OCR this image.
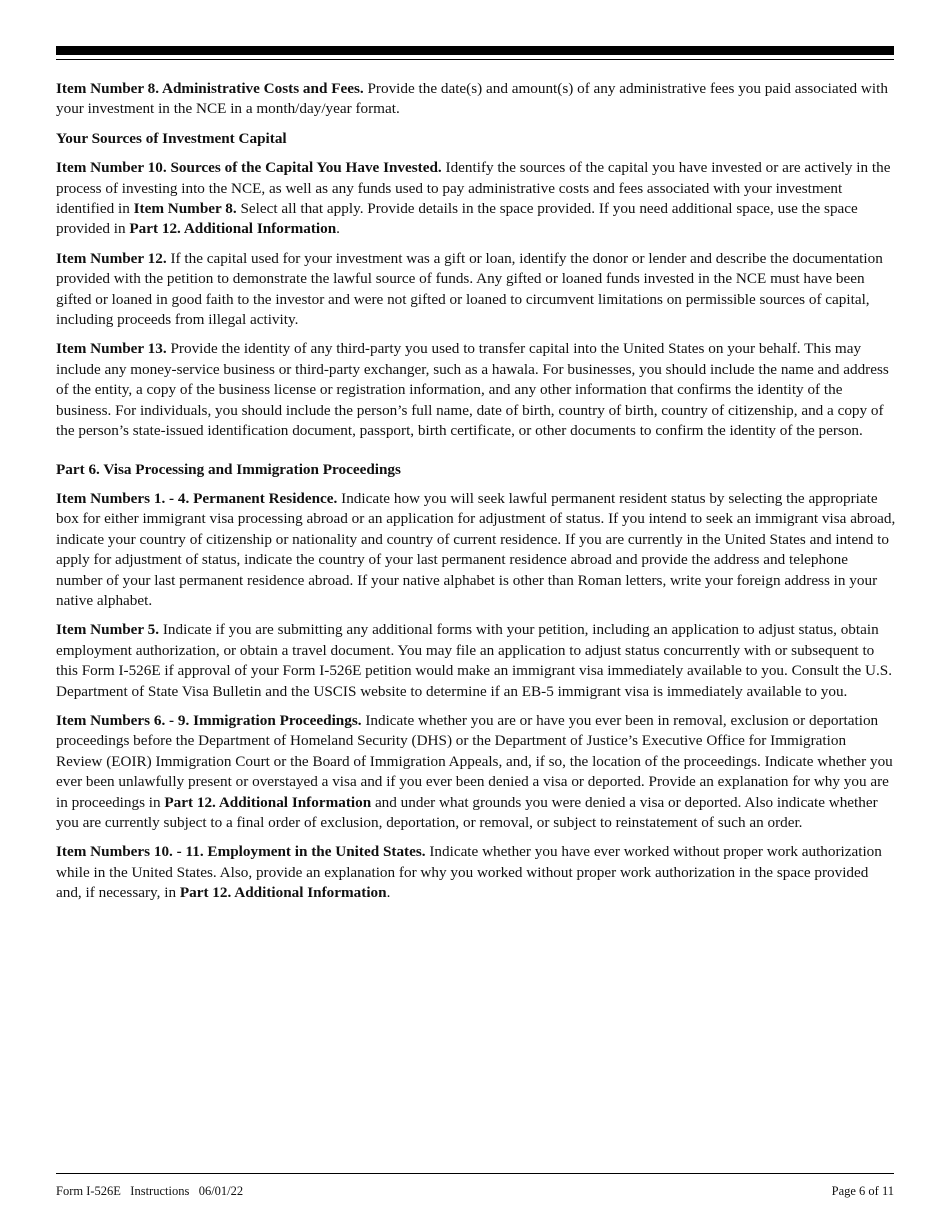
Item Number 8. Administrative Costs and Fees. Provide the date(s) and amount(s) of any administrative fees you paid associated with your investment in the NCE in a month/day/year format.

Your Sources of Investment Capital

Item Number 10. Sources of the Capital You Have Invested. Identify the sources of the capital you have invested or are actively in the process of investing into the NCE, as well as any funds used to pay administrative costs and fees associated with your investment identified in Item Number 8. Select all that apply. Provide details in the space provided. If you need additional space, use the space provided in Part 12. Additional Information.

Item Number 12. If the capital used for your investment was a gift or loan, identify the donor or lender and describe the documentation provided with the petition to demonstrate the lawful source of funds. Any gifted or loaned funds invested in the NCE must have been gifted or loaned in good faith to the investor and were not gifted or loaned to circumvent limitations on permissible sources of capital, including proceeds from illegal activity.

Item Number 13. Provide the identity of any third-party you used to transfer capital into the United States on your behalf. This may include any money-service business or third-party exchanger, such as a hawala. For businesses, you should include the name and address of the entity, a copy of the business license or registration information, and any other information that confirms the identity of the business. For individuals, you should include the person’s full name, date of birth, country of birth, country of citizenship, and a copy of the person’s state-issued identification document, passport, birth certificate, or other documents to confirm the identity of the person.

Part 6. Visa Processing and Immigration Proceedings

Item Numbers 1. - 4. Permanent Residence. Indicate how you will seek lawful permanent resident status by selecting the appropriate box for either immigrant visa processing abroad or an application for adjustment of status. If you intend to seek an immigrant visa abroad, indicate your country of citizenship or nationality and country of current residence. If you are currently in the United States and intend to apply for adjustment of status, indicate the country of your last permanent residence abroad and provide the address and telephone number of your last permanent residence abroad. If your native alphabet is other than Roman letters, write your foreign address in your native alphabet.

Item Number 5. Indicate if you are submitting any additional forms with your petition, including an application to adjust status, obtain employment authorization, or obtain a travel document. You may file an application to adjust status concurrently with or subsequent to this Form I-526E if approval of your Form I-526E petition would make an immigrant visa immediately available to you. Consult the U.S. Department of State Visa Bulletin and the USCIS website to determine if an EB-5 immigrant visa is immediately available to you.

Item Numbers 6. - 9. Immigration Proceedings. Indicate whether you are or have you ever been in removal, exclusion or deportation proceedings before the Department of Homeland Security (DHS) or the Department of Justice’s Executive Office for Immigration Review (EOIR) Immigration Court or the Board of Immigration Appeals, and, if so, the location of the proceedings. Indicate whether you ever been unlawfully present or overstayed a visa and if you ever been denied a visa or deported. Provide an explanation for why you are in proceedings in Part 12. Additional Information and under what grounds you were denied a visa or deported. Also indicate whether you are currently subject to a final order of exclusion, deportation, or removal, or subject to reinstatement of such an order.

Item Numbers 10. - 11. Employment in the United States. Indicate whether you have ever worked without proper work authorization while in the United States. Also, provide an explanation for why you worked without proper work authorization in the space provided and, if necessary, in Part 12. Additional Information.

Form I-526E   Instructions   06/01/22	Page 6 of 11
